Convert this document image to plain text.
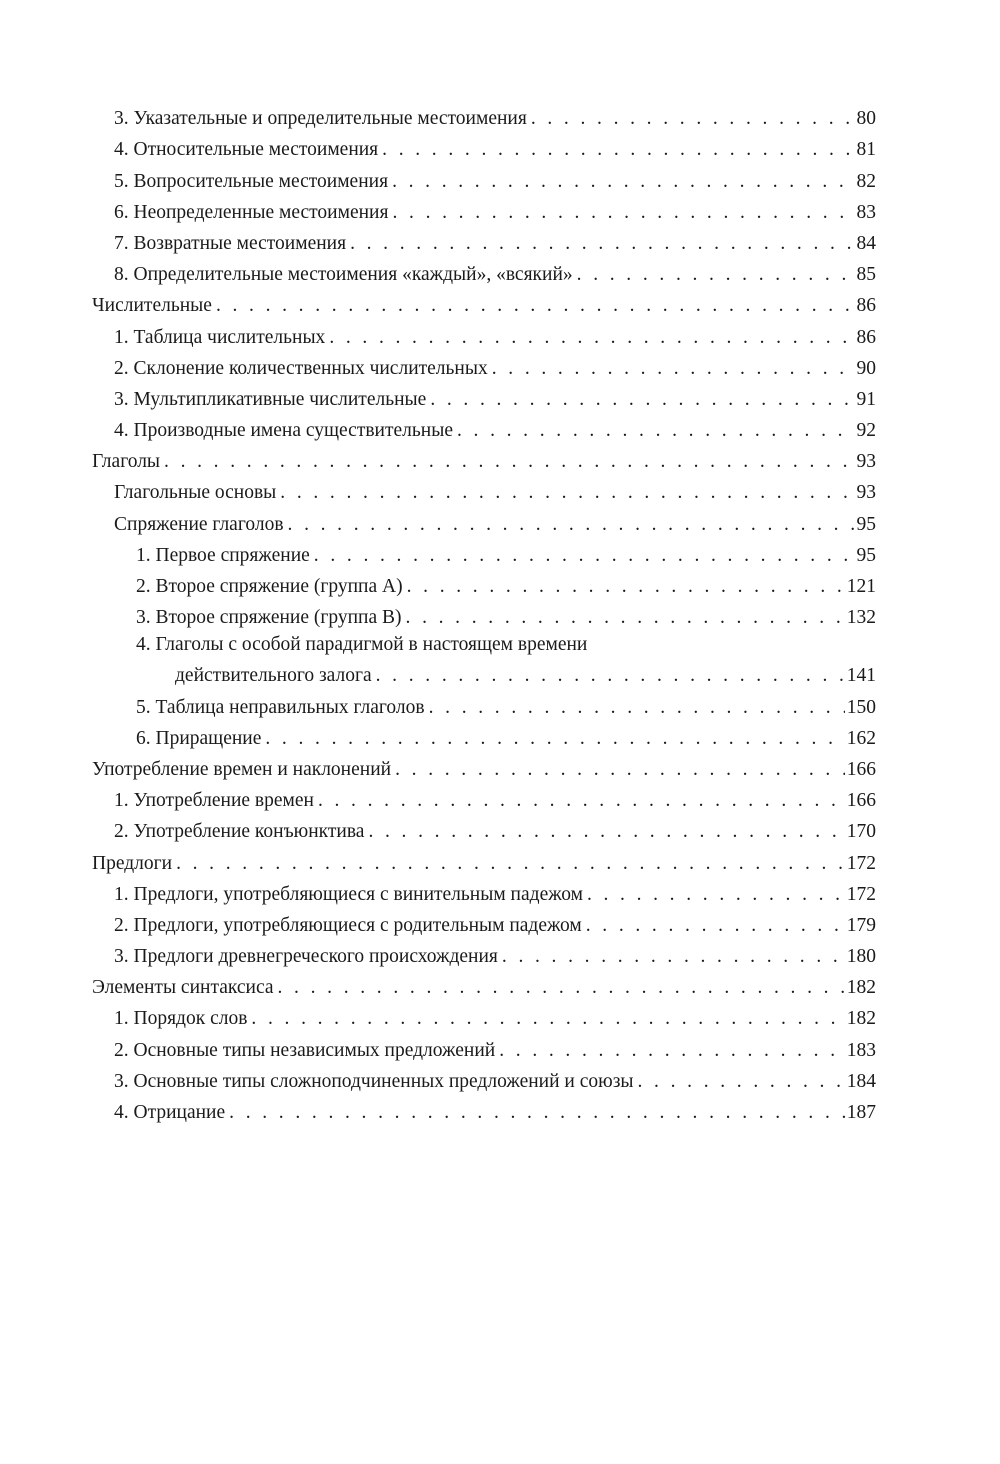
3. Указательные и определительные местоимения . . .	80
4. Относительные местоимения . . .	81
5. Вопросительные местоимения . . .	82
6. Неопределенные местоимения . . .	83
7. Возвратные местоимения . . .	84
8. Определительные местоимения «каждый», «всякий» . . .	85
Числительные . . .	86
1. Таблица числительных . . .	86
2. Склонение количественных числительных . . .	90
3. Мультипликативные числительные . . .	91
4. Производные имена существительные . . .	92
Глаголы . . .	93
Глагольные основы . . .	93
Спряжение глаголов . . .	95
1. Первое спряжение . . .	95
2. Второе спряжение (группа А) . . .	121
3. Второе спряжение (группа В) . . .	132
4. Глаголы с особой парадигмой в настоящем времени
действительного залога . . .	141
5. Таблица неправильных глаголов . . .	150
6. Приращение . . .	162
Употребление времен и наклонений . . .	166
1. Употребление времен . . .	166
2. Употребление конъюнктива . . .	170
Предлоги . . .	172
1. Предлоги, употребляющиеся с винительным падежом . . .	172
2. Предлоги, употребляющиеся с родительным падежом . . .	179
3. Предлоги древнегреческого происхождения . . .	180
Элементы синтаксиса . . .	182
1. Порядок слов . . .	182
2. Основные типы независимых предложений . . .	183
3. Основные типы сложноподчиненных предложений и союзы . . .	184
4. Отрицание . . .	187
